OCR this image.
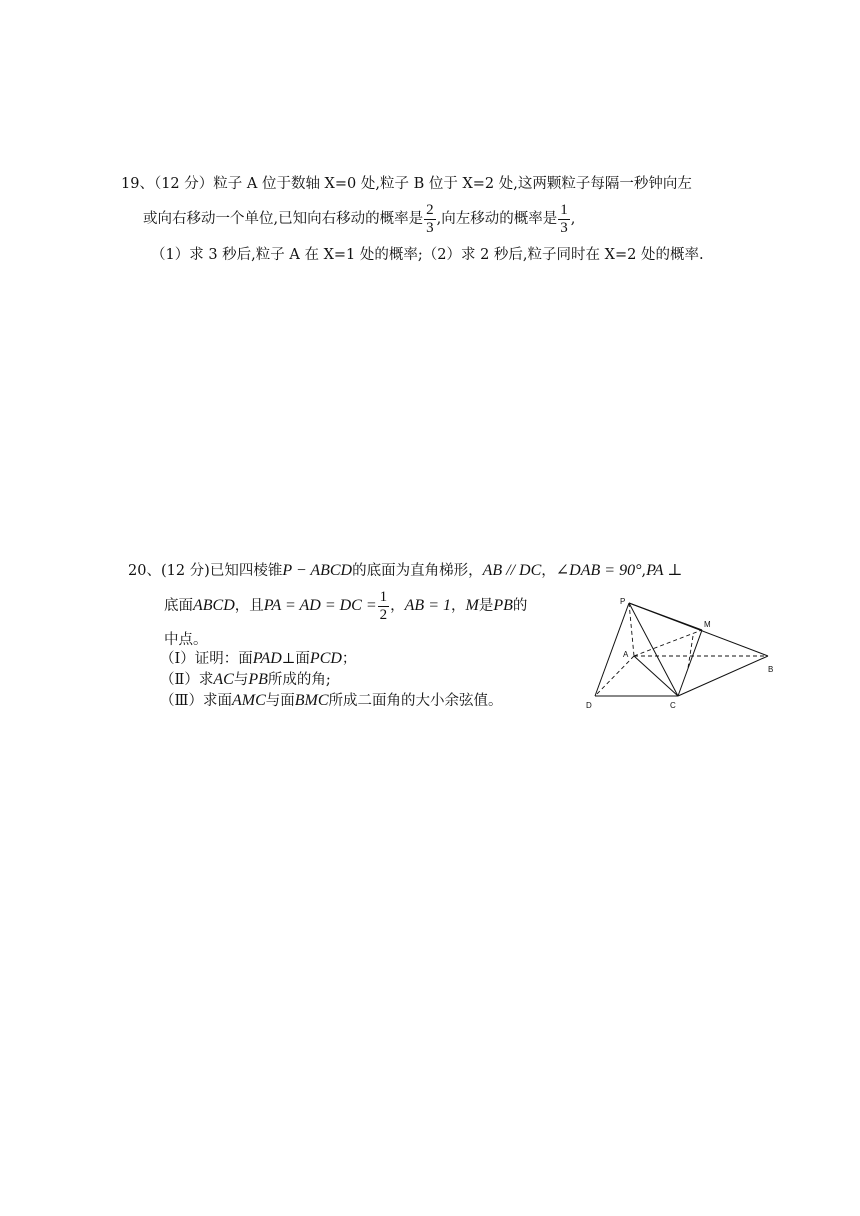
19、（12 分）粒子 A 位于数轴 X=0 处,粒子 B 位于 X=2 处,这两颗粒子每隔一秒钟向左
或向右移动一个单位,已知向右移动的概率是 $\frac{2}{3}$ ,向左移动的概率是 $\frac{1}{3}$ ,
（1）求 3 秒后,粒子 A 在 X=1 处的概率;（2）求 2 秒后,粒子同时在 X=2 处的概率.
20、(12 分)已知四棱锥P − ABCD的底面为直角梯形，AB // DC，∠DAB = 90°,PA ⊥
底面ABCD，且PA = AD = DC = $\frac{1}{2}$ ，AB = 1，M是PB的
中点。
（Ⅰ）证明：面PAD⊥面PCD；
（Ⅱ）求AC与PB所成的角;
（Ⅲ）求面AMC与面BMC所成二面角的大小余弦值。
P
M
A
B
D	C
